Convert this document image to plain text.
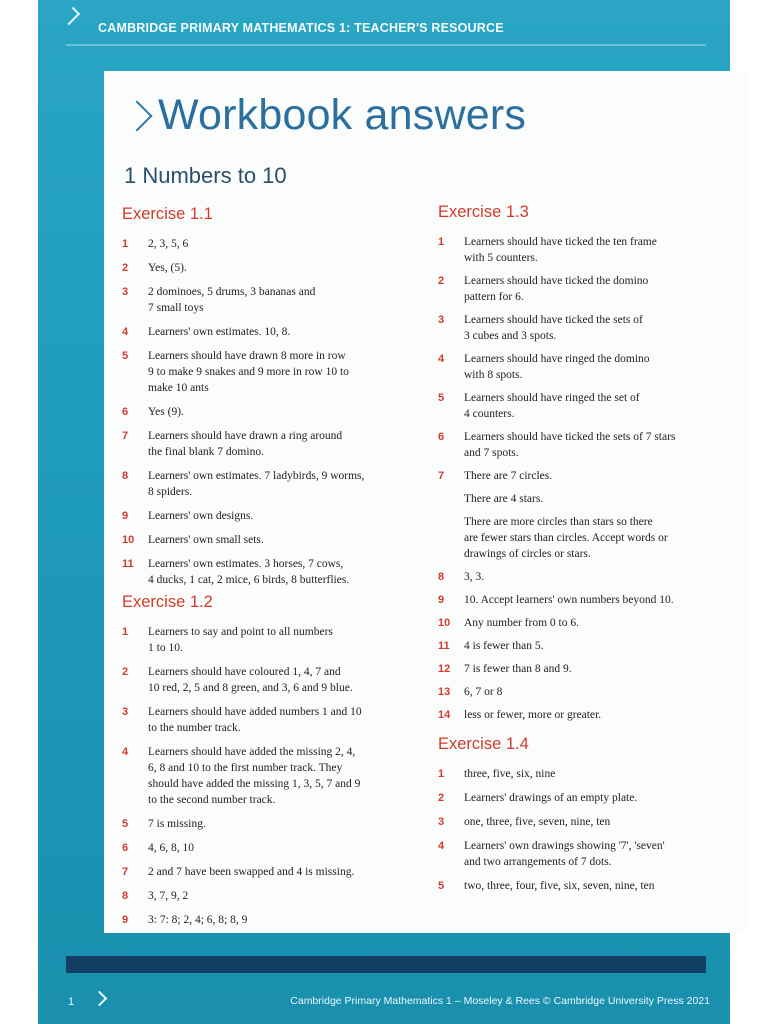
CAMBRIDGE PRIMARY MATHEMATICS 1: TEACHER'S RESOURCE
Workbook answers
1 Numbers to 10
Exercise 1.1
1 2, 3, 5, 6
2 Yes, (5).
3 2 dominoes, 5 drums, 3 bananas and
7 small toys
4 Learners' own estimates. 10, 8.
5 Learners should have drawn 8 more in row
9 to make 9 snakes and 9 more in row 10 to
make 10 ants
6 Yes (9).
7 Learners should have drawn a ring around
the final blank 7 domino.
8 Learners' own estimates. 7 ladybirds, 9 worms,
8 spiders.
9 Learners' own designs.
10 Learners' own small sets.
11 Learners' own estimates. 3 horses, 7 cows,
4 ducks, 1 cat, 2 mice, 6 birds, 8 butterflies.
Exercise 1.2
1 Learners to say and point to all numbers
1 to 10.
2 Learners should have coloured 1, 4, 7 and
10 red, 2, 5 and 8 green, and 3, 6 and 9 blue.
3 Learners should have added numbers 1 and 10
to the number track.
4 Learners should have added the missing 2, 4,
6, 8 and 10 to the first number track. They
should have added the missing 1, 3, 5, 7 and 9
to the second number track.
5 7 is missing.
6 4, 6, 8, 10
7 2 and 7 have been swapped and 4 is missing.
8 3, 7, 9, 2
9 3: 7: 8; 2, 4; 6, 8; 8, 9
Exercise 1.3
1 Learners should have ticked the ten frame
with 5 counters.
2 Learners should have ticked the domino
pattern for 6.
3 Learners should have ticked the sets of
3 cubes and 3 spots.
4 Learners should have ringed the domino
with 8 spots.
5 Learners should have ringed the set of
4 counters.
6 Learners should have ticked the sets of 7 stars
and 7 spots.
7 There are 7 circles.
There are 4 stars.
There are more circles than stars so there
are fewer stars than circles. Accept words or
drawings of circles or stars.
8 3, 3.
9 10. Accept learners' own numbers beyond 10.
10 Any number from 0 to 6.
11 4 is fewer than 5.
12 7 is fewer than 8 and 9.
13 6, 7 or 8
14 less or fewer, more or greater.
Exercise 1.4
1 three, five, six, nine
2 Learners' drawings of an empty plate.
3 one, three, five, seven, nine, ten
4 Learners' own drawings showing '7', 'seven'
and two arrangements of 7 dots.
5 two, three, four, five, six, seven, nine, ten
1	Cambridge Primary Mathematics 1 – Moseley & Rees © Cambridge University Press 2021
